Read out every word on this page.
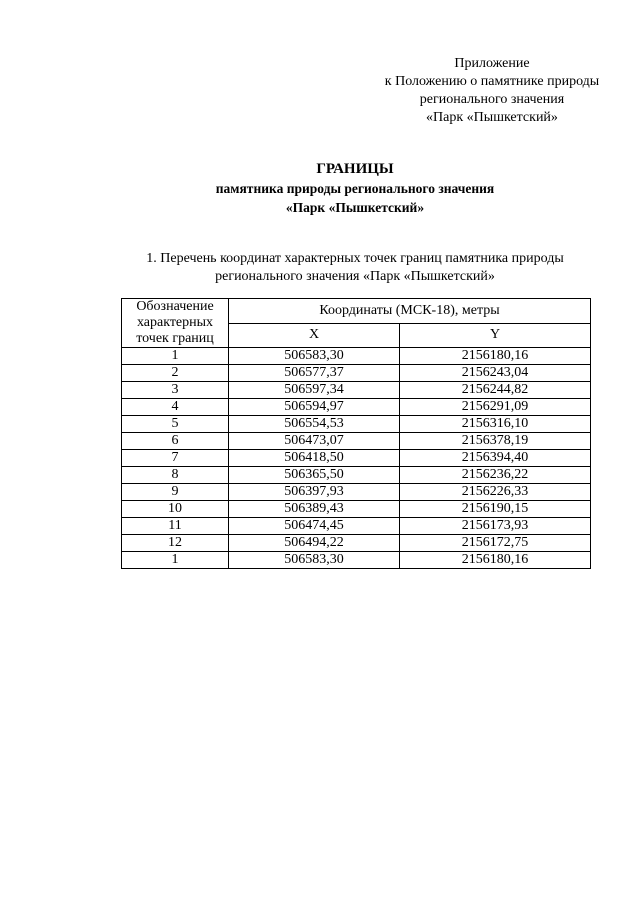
Приложение
к Положению о памятнике природы
регионального значения
«Парк «Пышкетский»
ГРАНИЦЫ
памятника природы регионального значения
«Парк «Пышкетский»
1. Перечень координат характерных точек границ памятника природы
регионального значения «Парк «Пышкетский»
Обозначение
характерных
точек границ	Координаты (МСК-18), метры	
	X	Y
1	506583,30	2156180,16
2	506577,37	2156243,04
3	506597,34	2156244,82
4	506594,97	2156291,09
5	506554,53	2156316,10
6	506473,07	2156378,19
7	506418,50	2156394,40
8	506365,50	2156236,22
9	506397,93	2156226,33
10	506389,43	2156190,15
11	506474,45	2156173,93
12	506494,22	2156172,75
1	506583,30	2156180,16
